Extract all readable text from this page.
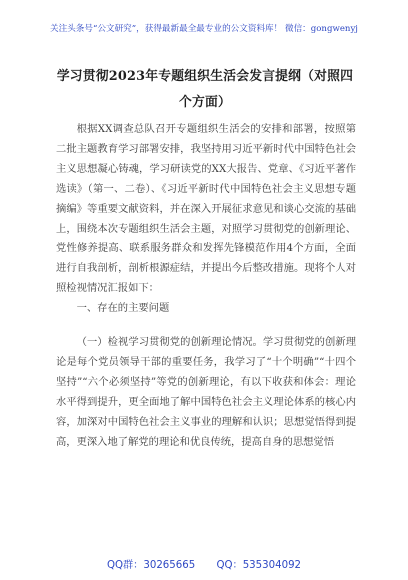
关注头条号“公文研究”，获得最新最全最专业的公文资料库！ 微信：gongwenyj
学习贯彻2023年专题组织生活会发言提纲（对照四个方面）

根据XX调查总队召开专题组织生活会的安排和部署，按照第二批主题教育学习部署安排，我坚持用习近平新时代中国特色社会主义思想凝心铸魂，学习研读党的XX大报告、党章、《习近平著作选读》（第一、二卷）、《习近平新时代中国特色社会主义思想专题摘编》等重要文献资料，并在深入开展征求意见和谈心交流的基础上，围绕本次专题组织生活会主题，对照学习贯彻党的创新理论、党性修养提高、联系服务群众和发挥先锋模范作用4个方面，全面进行自我剖析，剖析根源症结，并提出今后整改措施。现将个人对照检视情况汇报如下：

一、存在的主要问题

（一）检视学习贯彻党的创新理论情况。学习贯彻党的创新理论是每个党员领导干部的重要任务，我学习了“十个明确”“十四个坚持”“六个必须坚持”等党的创新理论，有以下收获和体会：理论水平得到提升，更全面地了解中国特色社会主义理论体系的核心内容，加深对中国特色社会主义事业的理解和认识；思想觉悟得到提高，更深入地了解党的理论和优良传统，提高自身的思想觉悟

QQ群：30265665 QQ：535304092
